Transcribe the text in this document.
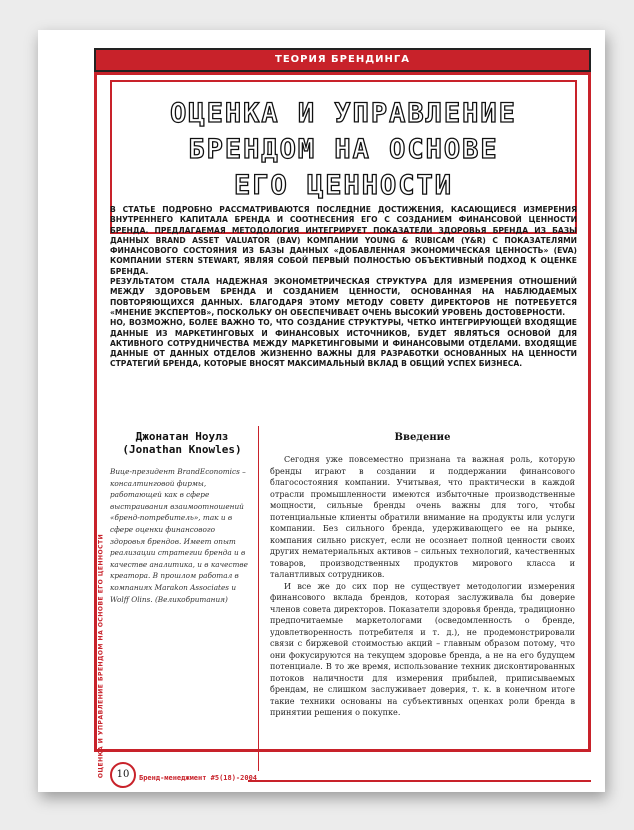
ТЕОРИЯ БРЕНДИНГА
ОЦЕНКА И УПРАВЛЕНИЕ
БРЕНДОМ НА ОСНОВЕ
ЕГО ЦЕННОСТИ

В СТАТЬЕ ПОДРОБНО РАССМАТРИВАЮТСЯ ПОСЛЕДНИЕ ДОСТИЖЕНИЯ, КАСАЮЩИЕСЯ ИЗМЕРЕНИЯ ВНУТРЕННЕГО КАПИТАЛА БРЕНДА И СООТНЕСЕНИЯ ЕГО С СОЗДАНИЕМ ФИНАНСОВОЙ ЦЕННОСТИ БРЕНДА. ПРЕДЛАГАЕМАЯ МЕТОДОЛОГИЯ ИНТЕГРИРУЕТ ПОКАЗАТЕЛИ ЗДОРОВЬЯ БРЕНДА ИЗ БАЗЫ ДАННЫХ BRAND ASSET VALUATOR (BAV) КОМПАНИИ YOUNG & RUBICAM (Y&R) С ПОКАЗАТЕЛЯМИ ФИНАНСОВОГО СОСТОЯНИЯ ИЗ БАЗЫ ДАННЫХ «ДОБАВЛЕННАЯ ЭКОНОМИЧЕСКАЯ ЦЕННОСТЬ» (EVA) КОМПАНИИ STERN STEWART, ЯВЛЯЯ СОБОЙ ПЕРВЫЙ ПОЛНОСТЬЮ ОБЪЕКТИВНЫЙ ПОДХОД К ОЦЕНКЕ БРЕНДА.

РЕЗУЛЬТАТОМ СТАЛА НАДЕЖНАЯ ЭКОНОМЕТРИЧЕСКАЯ СТРУКТУРА ДЛЯ ИЗМЕРЕНИЯ ОТНОШЕНИЙ МЕЖДУ ЗДОРОВЬЕМ БРЕНДА И СОЗДАНИЕМ ЦЕННОСТИ, ОСНОВАННАЯ НА НАБЛЮДАЕМЫХ ПОВТОРЯЮЩИХСЯ ДАННЫХ. БЛАГОДАРЯ ЭТОМУ МЕТОДУ СОВЕТУ ДИРЕКТОРОВ НЕ ПОТРЕБУЕТСЯ «МНЕНИЕ ЭКСПЕРТОВ», ПОСКОЛЬКУ ОН ОБЕСПЕЧИВАЕТ ОЧЕНЬ ВЫСОКИЙ УРОВЕНЬ ДОСТОВЕРНОСТИ.

НО, ВОЗМОЖНО, БОЛЕЕ ВАЖНО ТО, ЧТО СОЗДАНИЕ СТРУКТУРЫ, ЧЕТКО ИНТЕГРИРУЮЩЕЙ ВХОДЯЩИЕ ДАННЫЕ ИЗ МАРКЕТИНГОВЫХ И ФИНАНСОВЫХ ИСТОЧНИКОВ, БУДЕТ ЯВЛЯТЬСЯ ОСНОВОЙ ДЛЯ АКТИВНОГО СОТРУДНИЧЕСТВА МЕЖДУ МАРКЕТИНГОВЫМИ И ФИНАНСОВЫМИ ОТДЕЛАМИ. ВХОДЯЩИЕ ДАННЫЕ ОТ ДАННЫХ ОТДЕЛОВ ЖИЗНЕННО ВАЖНЫ ДЛЯ РАЗРАБОТКИ ОСНОВАННЫХ НА ЦЕННОСТИ СТРАТЕГИЙ БРЕНДА, КОТОРЫЕ ВНОСЯТ МАКСИМАЛЬНЫЙ ВКЛАД В ОБЩИЙ УСПЕХ БИЗНЕСА.

Джонатан Ноулз
(Jonathan Knowles)
Вице-президент BrandEconomics – консалтинговой фирмы, работающей как в сфере выстраивания взаимоотношений «бренд-потребитель», так и в сфере оценки финансового здоровья брендов. Имеет опыт реализации стратегии бренда и в качестве аналитика, и в качестве креатора. В прошлом работал в компаниях Marakon Associates и Wolff Olins. (Великобритания)
Введение

Сегодня уже повсеместно признана та важная роль, которую бренды играют в создании и поддержании финансового благосостояния компании. Учитывая, что практически в каждой отрасли промышленности имеются избыточные производственные мощности, сильные бренды очень важны для того, чтобы потенциальные клиенты обратили внимание на продукты или услуги компании. Без сильного бренда, удерживающего ее на рынке, компания сильно рискует, если не осознает полной ценности своих других нематериальных активов – сильных технологий, качественных товаров, производственных продуктов мирового класса и талантливых сотрудников.

И все же до сих пор не существует методологии измерения финансового вклада брендов, которая заслуживала бы доверие членов совета директоров. Показатели здоровья бренда, традиционно предпочитаемые маркетологами (осведомленность о бренде, удовлетворенность потребителя и т. д.), не продемонстрировали связи с биржевой стоимостью акций – главным образом потому, что они фокусируются на текущем здоровье бренда, а не на его будущем потенциале. В то же время, использование техник дисконтированных потоков наличности для измерения прибылей, приписываемых брендам, не слишком заслуживает доверия, т. к. в конечном итоге такие техники основаны на субъективных оценках роли бренда в принятии решения о покупке.

ОЦЕНКА И УПРАВЛЕНИЕ БРЕНДОМ НА ОСНОВЕ ЕГО ЦЕННОСТИ	10	Бренд-менеджмент #5(18)-2004
